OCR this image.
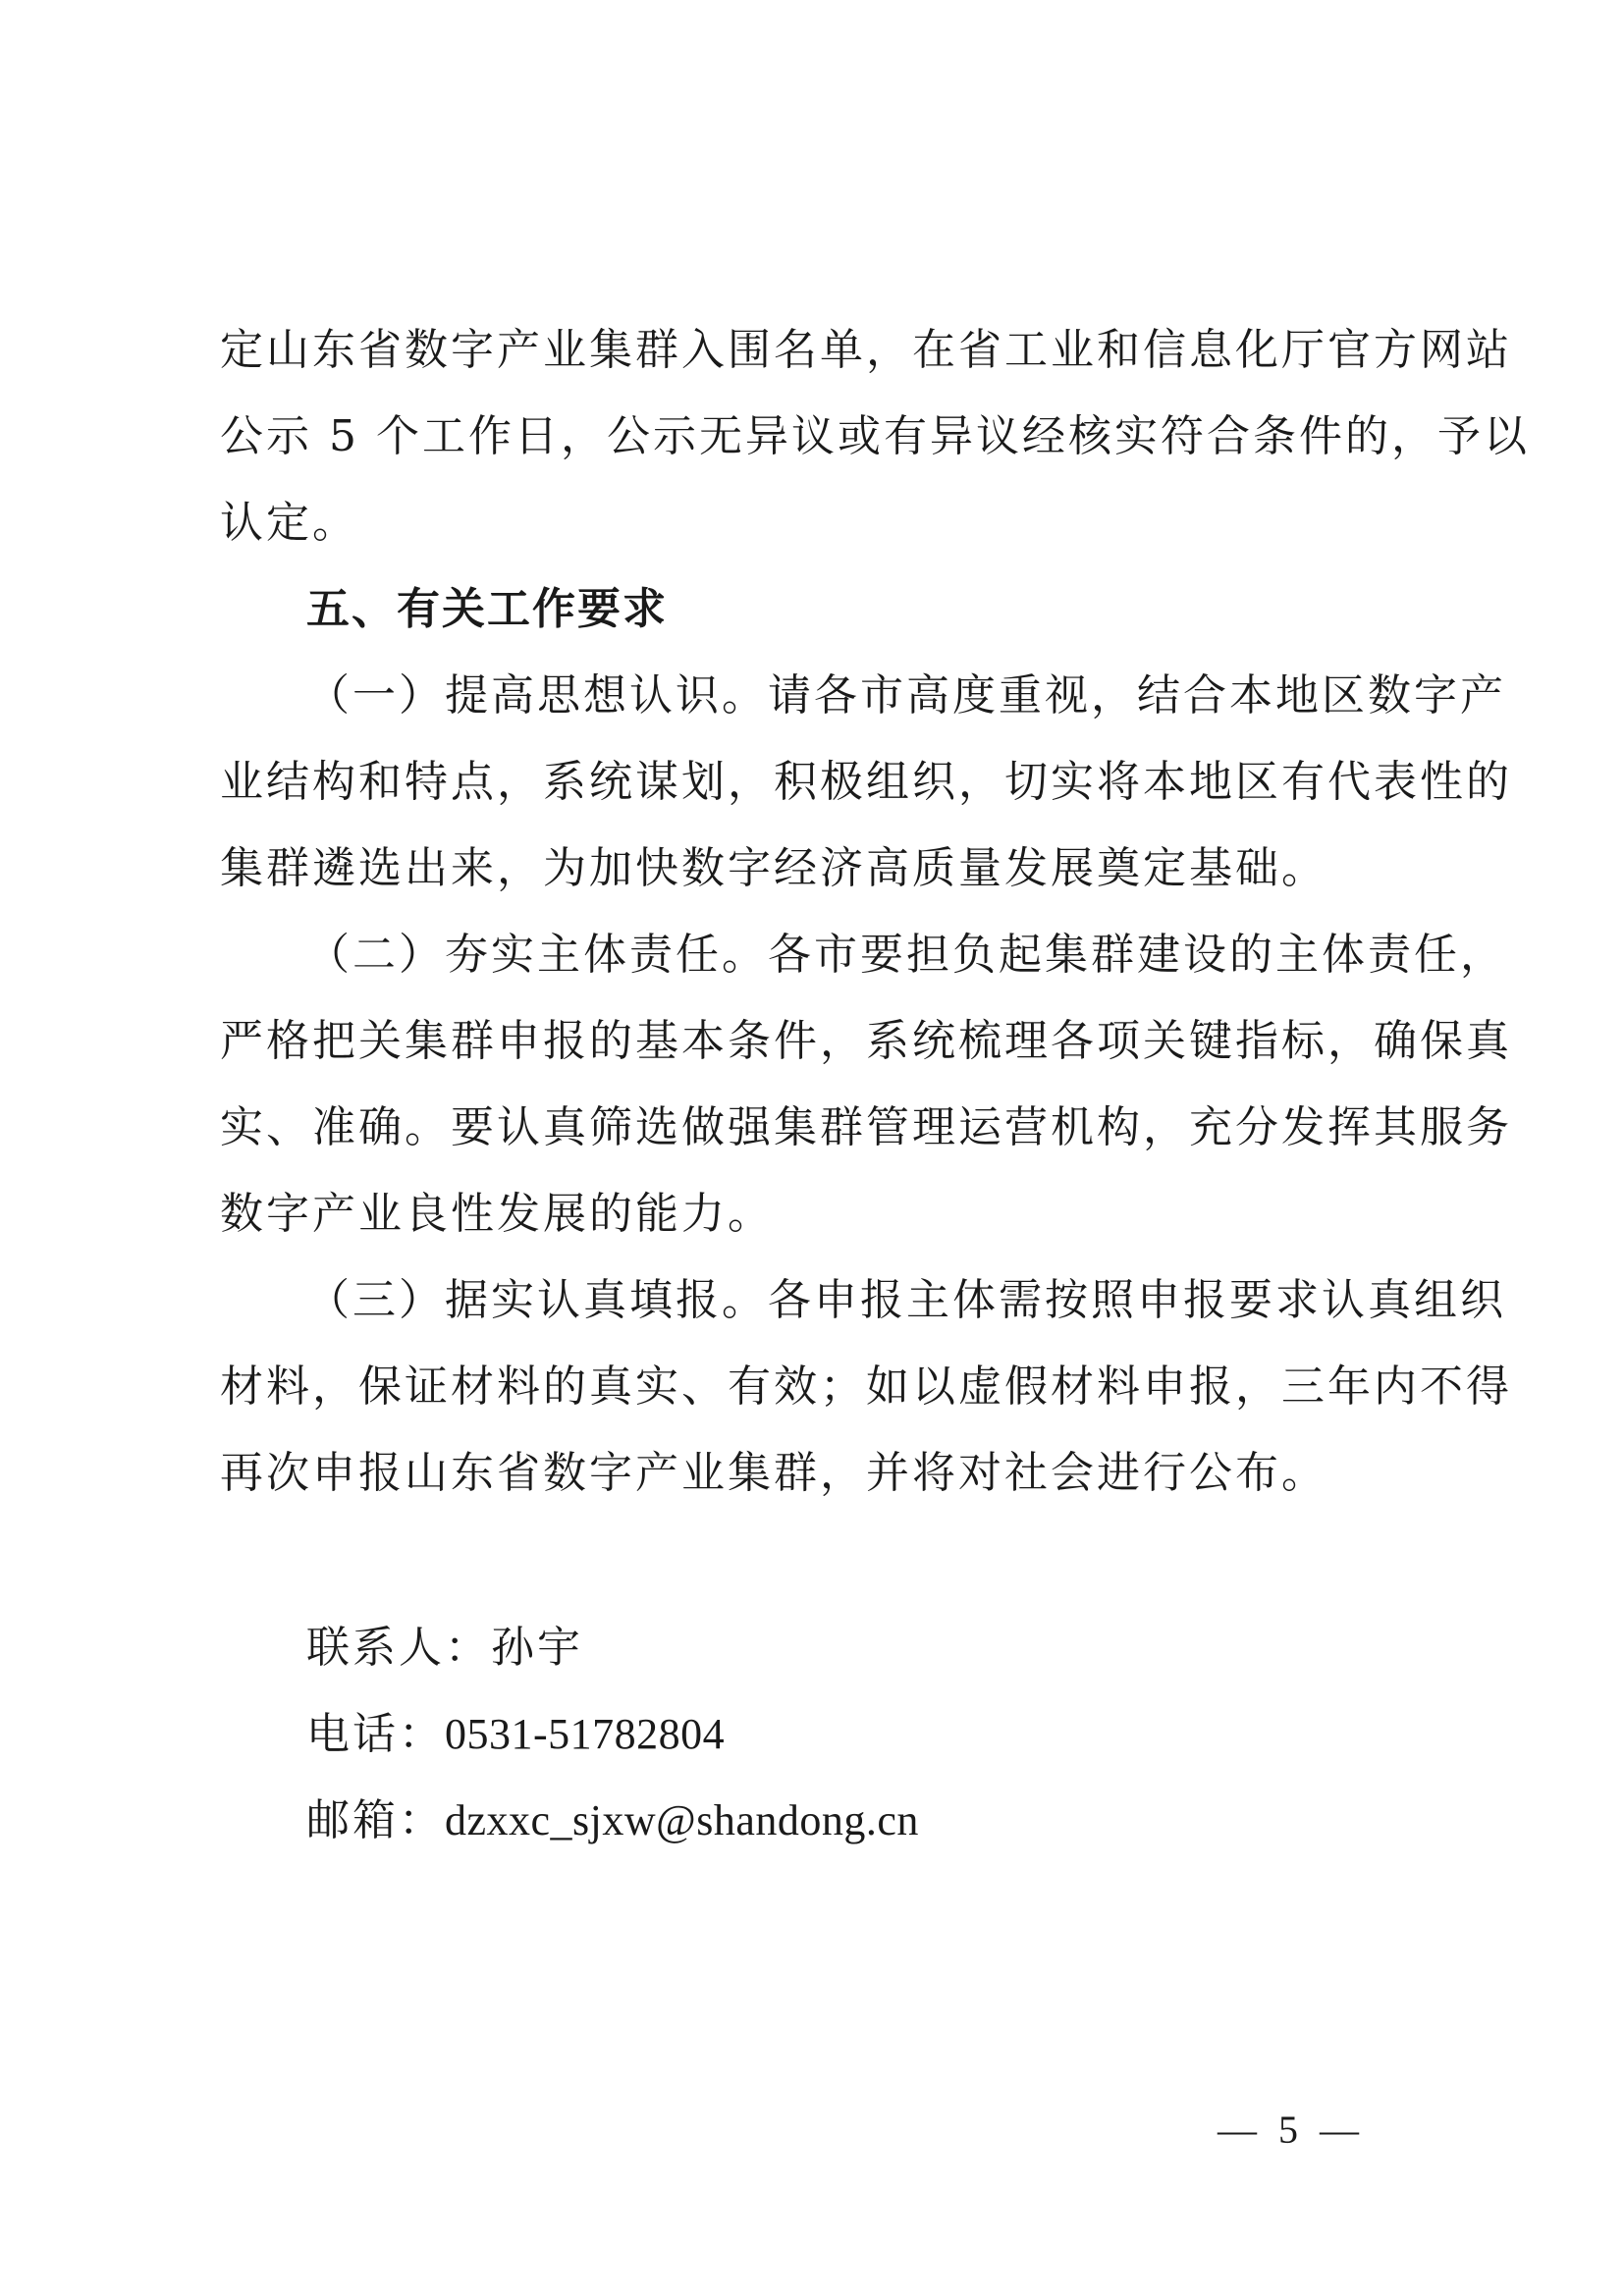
定山东省数字产业集群入围名单，在省工业和信息化厅官方网站
公示 5 个工作日，公示无异议或有异议经核实符合条件的，予以
认定。
五、有关工作要求
（一）提高思想认识。请各市高度重视，结合本地区数字产
业结构和特点，系统谋划，积极组织，切实将本地区有代表性的
集群遴选出来，为加快数字经济高质量发展奠定基础。
（二）夯实主体责任。各市要担负起集群建设的主体责任，
严格把关集群申报的基本条件，系统梳理各项关键指标，确保真
实、准确。要认真筛选做强集群管理运营机构，充分发挥其服务
数字产业良性发展的能力。
（三）据实认真填报。各申报主体需按照申报要求认真组织
材料，保证材料的真实、有效；如以虚假材料申报，三年内不得
再次申报山东省数字产业集群，并将对社会进行公布。
联系人：孙宇
电话：0531-51782804
邮箱：dzxxc_sjxw@shandong.cn
— 5 —
